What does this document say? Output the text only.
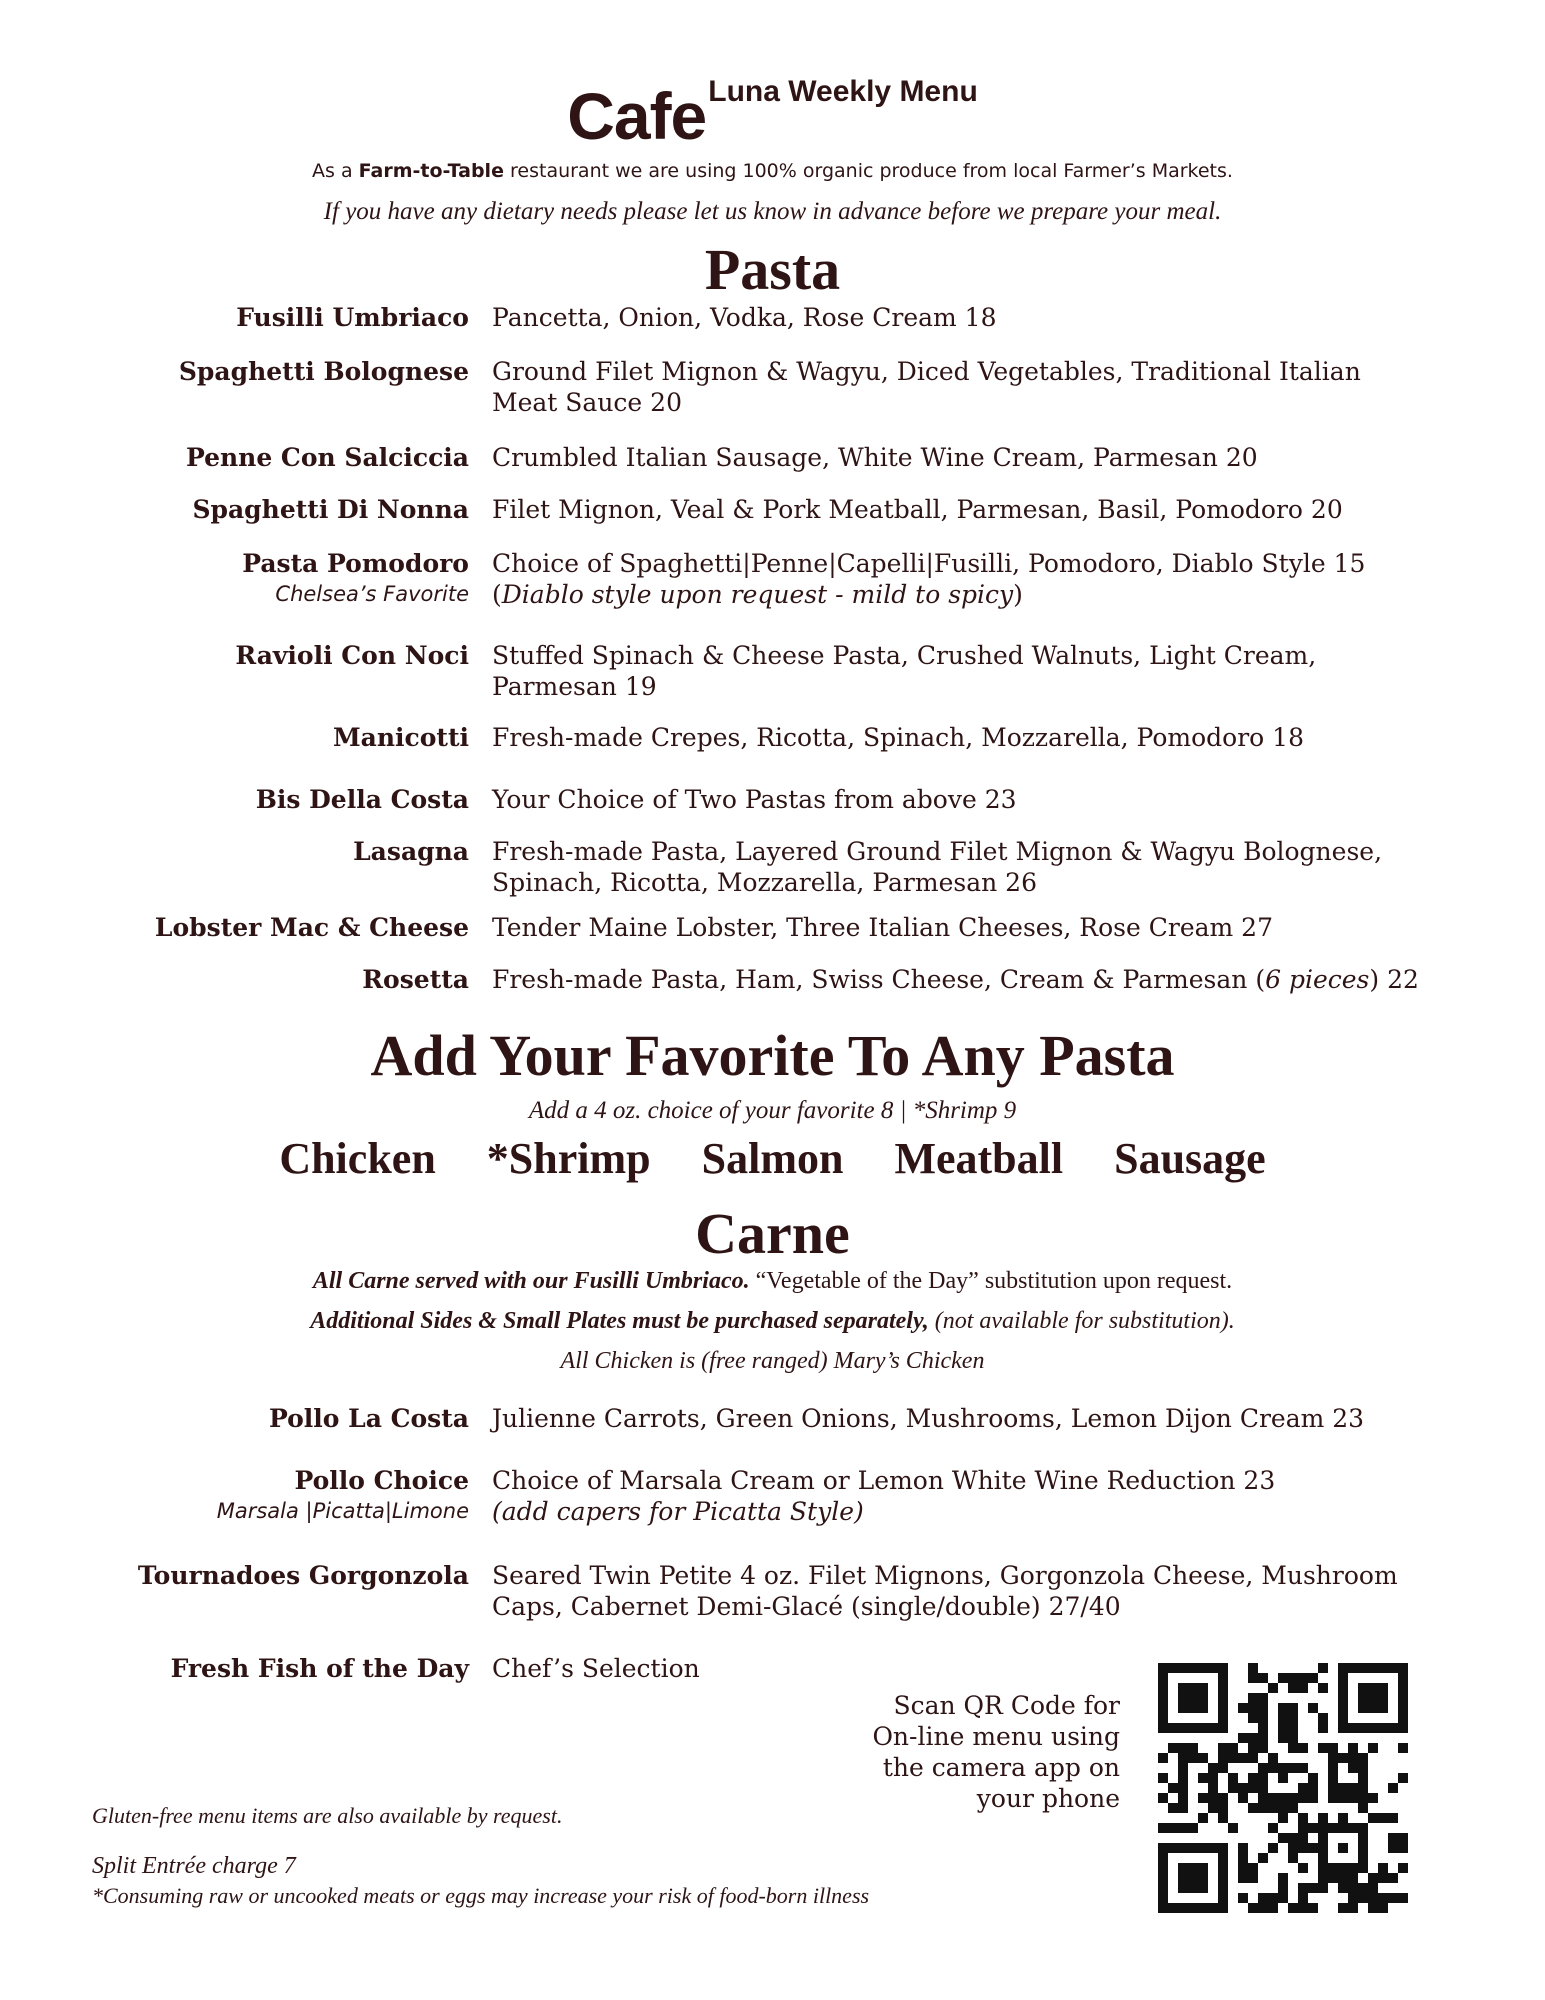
CafeLuna Weekly Menu
As a Farm-to-Table restaurant we are using 100% organic produce from local Farmer’s Markets.
If you have any dietary needs please let us know in advance before we prepare your meal.
Pasta
Fusilli Umbriaco Pancetta, Onion, Vodka, Rose Cream 18
Spaghetti Bolognese Ground Filet Mignon & Wagyu, Diced Vegetables, Traditional Italian Meat Sauce 20
Penne Con Salciccia Crumbled Italian Sausage, White Wine Cream, Parmesan 20
Spaghetti Di Nonna Filet Mignon, Veal & Pork Meatball, Parmesan, Basil, Pomodoro 20
Pasta Pomodoro
Chelsea’s Favorite
Choice of Spaghetti|Penne|Capelli|Fusilli, Pomodoro, Diablo Style 15
(Diablo style upon request - mild to spicy)
Ravioli Con Noci Stuffed Spinach & Cheese Pasta, Crushed Walnuts, Light Cream, Parmesan 19
Manicotti Fresh-made Crepes, Ricotta, Spinach, Mozzarella, Pomodoro 18
Bis Della Costa Your Choice of Two Pastas from above 23
Lasagna Fresh-made Pasta, Layered Ground Filet Mignon & Wagyu Bolognese, Spinach, Ricotta, Mozzarella, Parmesan 26
Lobster Mac & Cheese Tender Maine Lobster, Three Italian Cheeses, Rose Cream 27
Rosetta Fresh-made Pasta, Ham, Swiss Cheese, Cream & Parmesan (6 pieces) 22
Add Your Favorite To Any Pasta
Add a 4 oz. choice of your favorite 8 | *Shrimp 9
Chicken *Shrimp Salmon Meatball Sausage
Carne
All Carne served with our Fusilli Umbriaco. “Vegetable of the Day” substitution upon request.
Additional Sides & Small Plates must be purchased separately, (not available for substitution).
All Chicken is (free ranged) Mary’s Chicken
Pollo La Costa Julienne Carrots, Green Onions, Mushrooms, Lemon Dijon Cream 23
Pollo Choice
Marsala |Picatta|Limone
Choice of Marsala Cream or Lemon White Wine Reduction 23
(add capers for Picatta Style)
Tournadoes Gorgonzola Seared Twin Petite 4 oz. Filet Mignons, Gorgonzola Cheese, Mushroom Caps, Cabernet Demi-Glacé (single/double) 27/40
Fresh Fish of the Day Chef’s Selection
Scan QR Code for
On-line menu using
the camera app on
your phone
Gluten-free menu items are also available by request.
Split Entrée charge 7
*Consuming raw or uncooked meats or eggs may increase your risk of food-born illness
